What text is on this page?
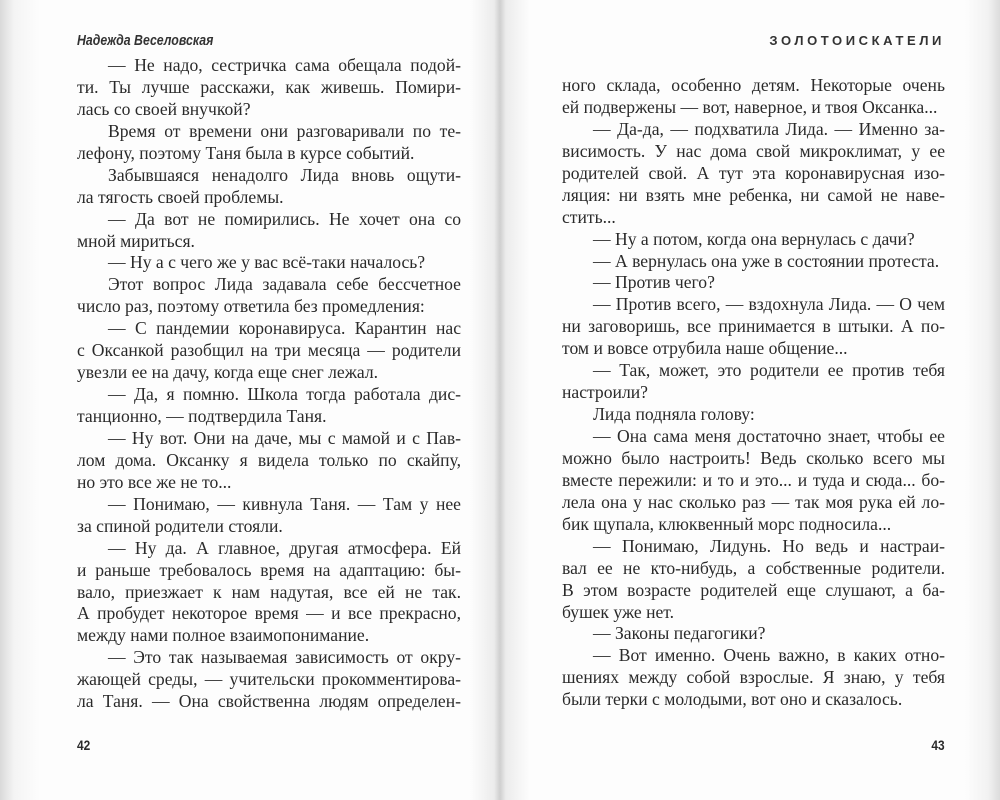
Надежда Веселовская
— Не надо, сестричка сама обещала подой-
ти. Ты лучше расскажи, как живешь. Помири-
лась со своей внучкой?
Время от времени они разговаривали по те-
лефону, поэтому Таня была в курсе событий.
Забывшаяся ненадолго Лида вновь ощути-
ла тягость своей проблемы.
— Да вот не помирились. Не хочет она со
мной мириться.
— Ну а с чего же у вас всё-таки началось?
Этот вопрос Лида задавала себе бессчетное
число раз, поэтому ответила без промедления:
— С пандемии коронавируса. Карантин нас
с Оксанкой разобщил на три месяца — родители
увезли ее на дачу, когда еще снег лежал.
— Да, я помню. Школа тогда работала дис-
танционно, — подтвердила Таня.
— Ну вот. Они на даче, мы с мамой и с Пав-
лом дома. Оксанку я видела только по скайпу,
но это все же не то...
— Понимаю, — кивнула Таня. — Там у нее
за спиной родители стояли.
— Ну да. А главное, другая атмосфера. Ей
и раньше требовалось время на адаптацию: бы-
вало, приезжает к нам надутая, все ей не так.
А пробудет некоторое время — и все прекрасно,
между нами полное взаимопонимание.
— Это так называемая зависимость от окру-
жающей среды, — учительски прокомментирова-
ла Таня. — Она свойственна людям определен-
42
ЗОЛОТОИСКАТЕЛИ
ного склада, особенно детям. Некоторые очень
ей подвержены — вот, наверное, и твоя Оксанка...
— Да-да, — подхватила Лида. — Именно за-
висимость. У нас дома свой микроклимат, у ее
родителей свой. А тут эта коронавирусная изо-
ляция: ни взять мне ребенка, ни самой не наве-
стить...
— Ну а потом, когда она вернулась с дачи?
— А вернулась она уже в состоянии протеста.
— Против чего?
— Против всего, — вздохнула Лида. — О чем
ни заговоришь, все принимается в штыки. А по-
том и вовсе отрубила наше общение...
— Так, может, это родители ее против тебя
настроили?
Лида подняла голову:
— Она сама меня достаточно знает, чтобы ее
можно было настроить! Ведь сколько всего мы
вместе пережили: и то и это... и туда и сюда... бо-
лела она у нас сколько раз — так моя рука ей ло-
бик щупала, клюквенный морс подносила...
— Понимаю, Лидунь. Но ведь и настраи-
вал ее не кто-нибудь, а собственные родители.
В этом возрасте родителей еще слушают, а ба-
бушек уже нет.
— Законы педагогики?
— Вот именно. Очень важно, в каких отно-
шениях между собой взрослые. Я знаю, у тебя
были терки с молодыми, вот оно и сказалось.
43
